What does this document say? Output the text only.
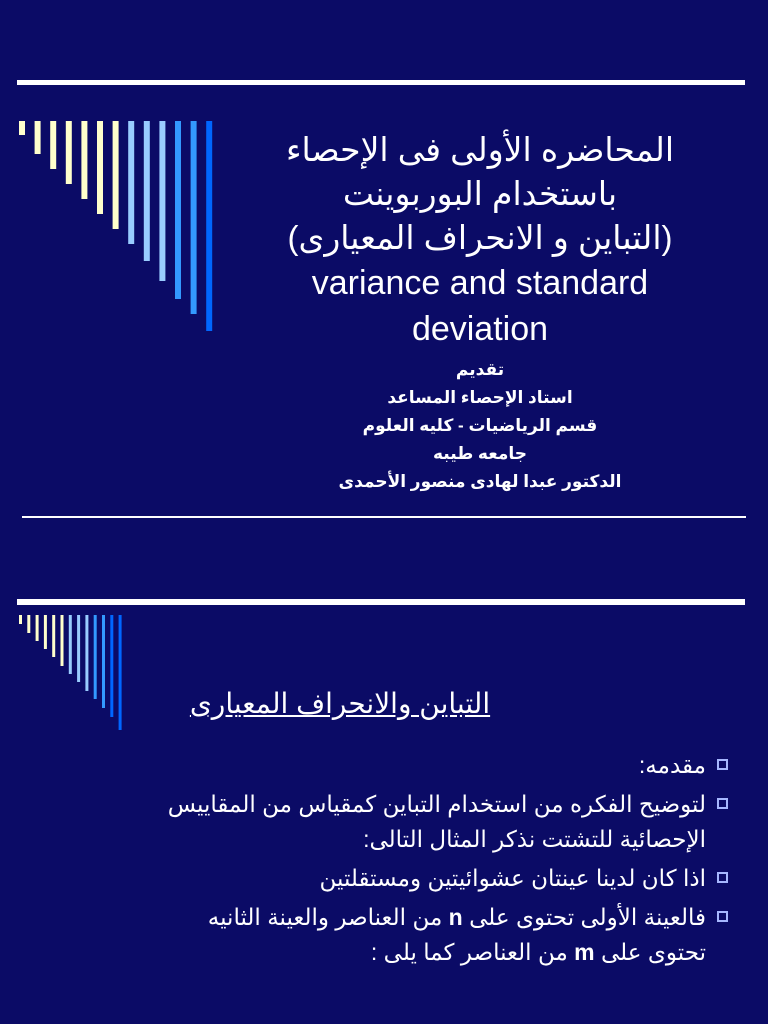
المحاضره الأولى فى الإحصاء
باستخدام البوربوينت
(التباين و الانحراف المعيارى)
variance and standard
deviation
تقديم
استاد الإحصاء المساعد
قسم الرياضيات - كليه العلوم
جامعه طيبه
الدكتور عبدا لهادى منصور الأحمدى
التباين والانحراف المعيارى
مقدمه:
لتوضيح الفكره من استخدام التباين كمقياس من المقاييس الإحصائية للتشتت نذكر المثال التالى:
اذا كان لدينا عينتان عشوائيتين ومستقلتين
فالعينة الأولى تحتوى على n من العناصر والعينة الثانيه تحتوى على m من العناصر كما يلى :
